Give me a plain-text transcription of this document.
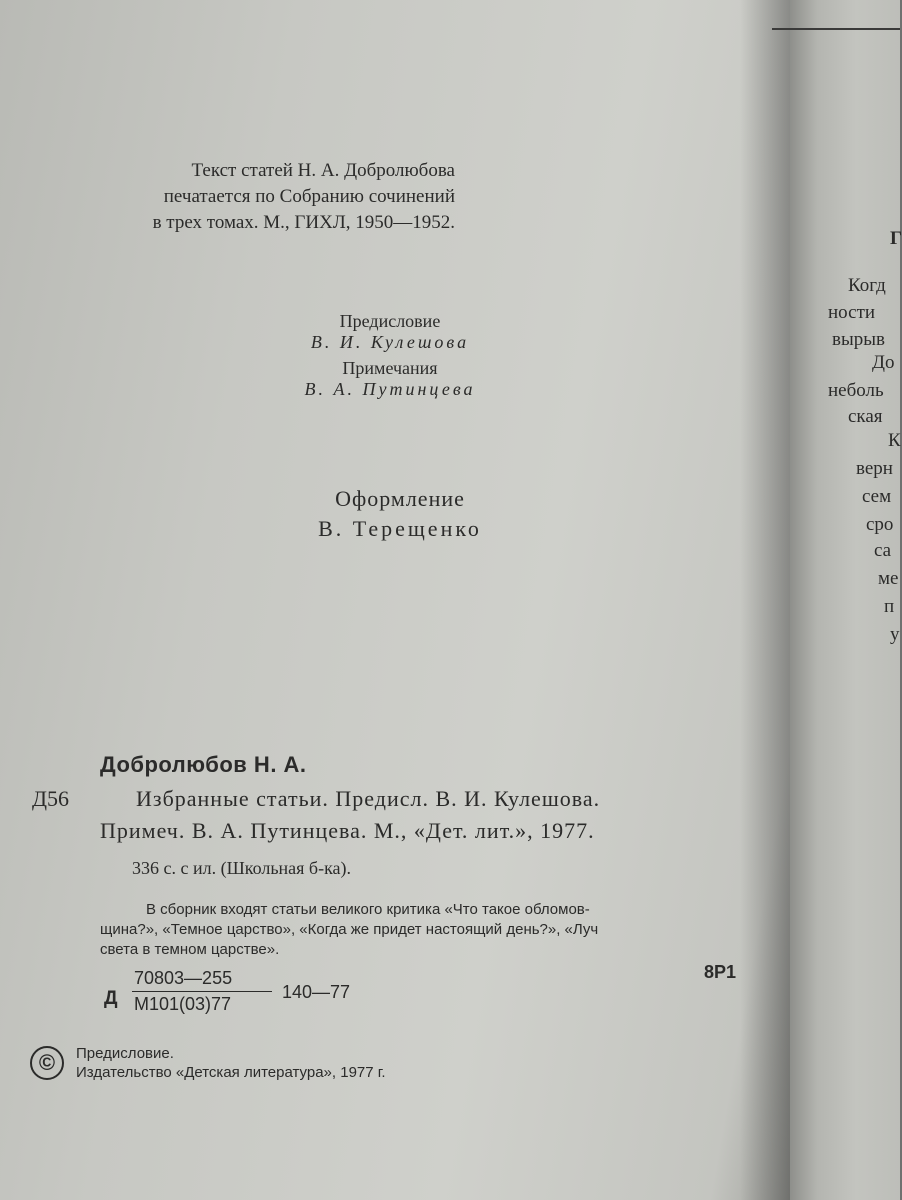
Текст статей Н. А. Добролюбова
печатается по Собранию сочинений
в трех томах. М., ГИХЛ, 1950—1952.
Предисловие
В. И. Кулешова
Примечания
В. А. Путинцева
Оформление
В. Терещенко
Добролюбов Н. А.
Д56	Избранные статьи. Предисл. В. И. Кулешова.
Примеч. В. А. Путинцева. М., «Дет. лит.», 1977.
336 с. с ил. (Школьная б-ка).
В сборник входят статьи великого критика «Что такое обломов-
щина?», «Темное царство», «Когда же придет настоящий день?», «Луч
света в темном царстве».
Д
70803—255
М101(03)77
140—77
8Р1
©	Предисловие.
Издательство «Детская литература», 1977 г.
Г
Когд
ности
вырыв
До
неболь
ская
К
верн
сем
сро
са
ме
п
у
